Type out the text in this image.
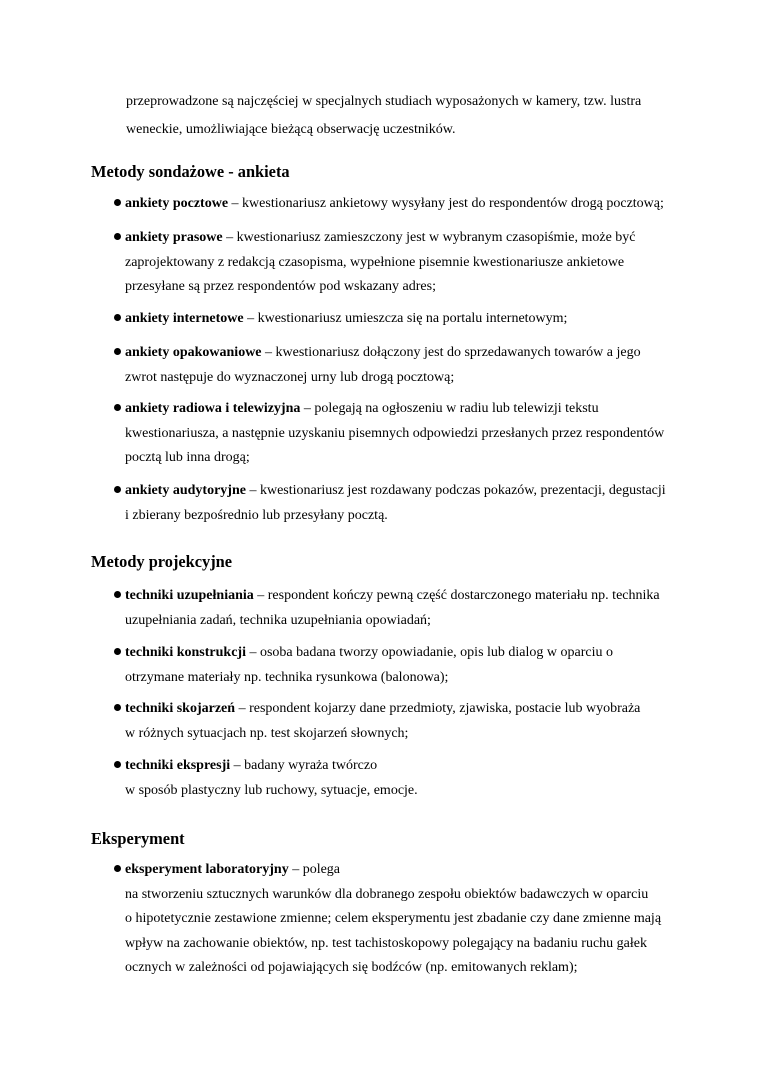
przeprowadzone są najczęściej w specjalnych studiach wyposażonych w kamery, tzw. lustra
weneckie, umożliwiające bieżącą obserwację uczestników.

Metody sondażowe - ankieta
ankiety pocztowe – kwestionariusz ankietowy wysyłany jest do respondentów drogą pocztową;
ankiety prasowe – kwestionariusz zamieszczony jest w wybranym czasopiśmie, może być
zaprojektowany z redakcją czasopisma, wypełnione pisemnie kwestionariusze ankietowe
przesyłane są przez respondentów pod wskazany adres;
ankiety internetowe – kwestionariusz umieszcza się na portalu internetowym;
ankiety opakowaniowe – kwestionariusz dołączony jest do sprzedawanych towarów a jego
zwrot następuje do wyznaczonej urny lub drogą pocztową;
ankiety radiowa i telewizyjna – polegają na ogłoszeniu w radiu lub telewizji tekstu
kwestionariusza, a następnie uzyskaniu pisemnych odpowiedzi przesłanych przez respondentów
pocztą lub inna drogą;
ankiety audytoryjne – kwestionariusz jest rozdawany podczas pokazów, prezentacji, degustacji
i zbierany bezpośrednio lub przesyłany pocztą.
Metody projekcyjne
techniki uzupełniania – respondent kończy pewną część dostarczonego materiału np. technika
uzupełniania zadań, technika uzupełniania opowiadań;
techniki konstrukcji – osoba badana tworzy opowiadanie, opis lub dialog w oparciu o
otrzymane materiały np. technika rysunkowa (balonowa);
techniki skojarzeń – respondent kojarzy dane przedmioty, zjawiska, postacie lub wyobraża
w różnych sytuacjach np. test skojarzeń słownych;
techniki ekspresji – badany wyraża twórczo
w sposób plastyczny lub ruchowy, sytuacje, emocje.
Eksperyment
eksperyment laboratoryjny – polega
na stworzeniu sztucznych warunków dla dobranego zespołu obiektów badawczych w oparciu
o hipotetycznie zestawione zmienne; celem eksperymentu jest zbadanie czy dane zmienne mają
wpływ na zachowanie obiektów, np. test tachistoskopowy polegający na badaniu ruchu gałek
ocznych w zależności od pojawiających się bodźców (np. emitowanych reklam);
